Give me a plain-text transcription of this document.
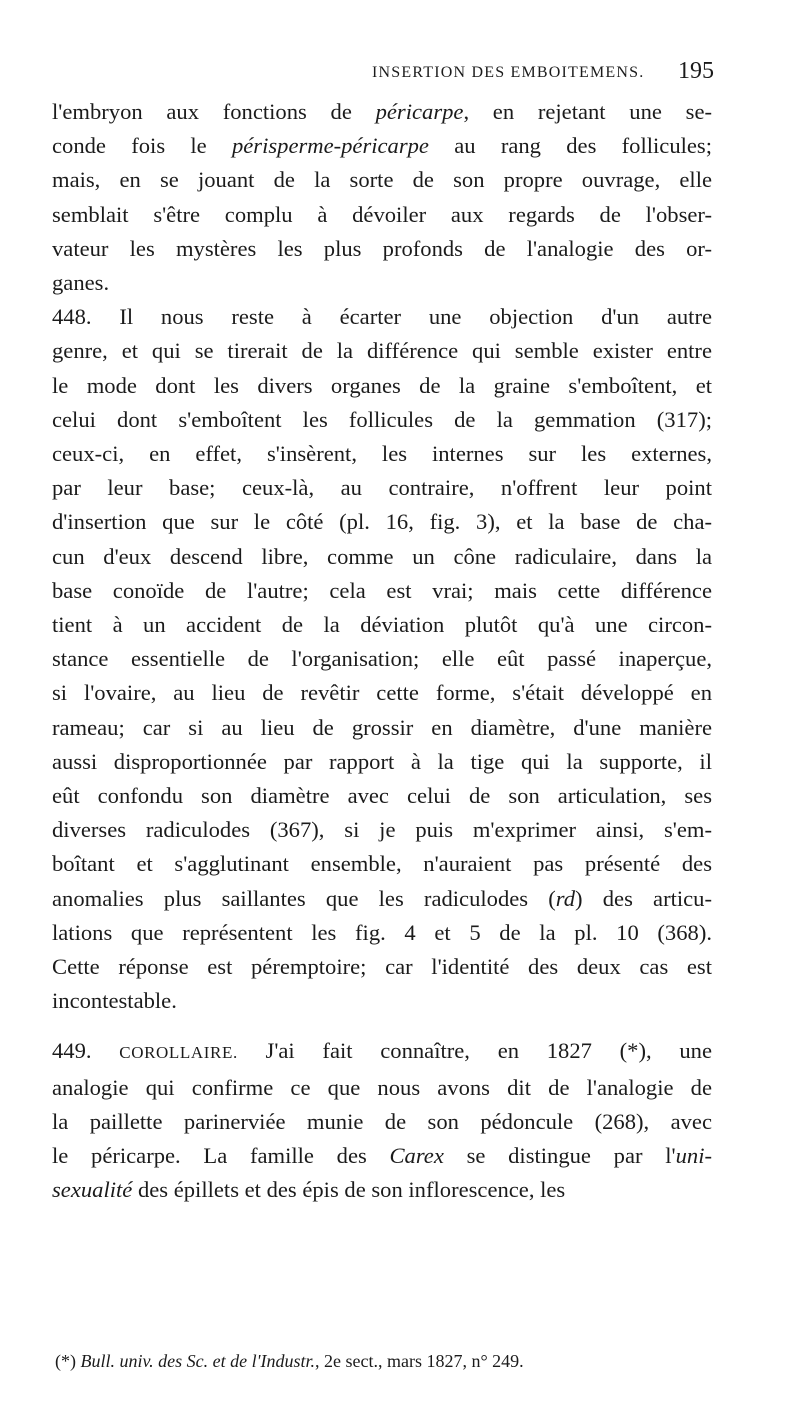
INSERTION DES EMBOITEMENS. 195
l'embryon aux fonctions de péricarpe, en rejetant une se-
conde fois le périsperme-péricarpe au rang des follicules;
mais, en se jouant de la sorte de son propre ouvrage, elle
semblait s'être complu à dévoiler aux regards de l'obser-
vateur les mystères les plus profonds de l'analogie des or-
ganes.
448. Il nous reste à écarter une objection d'un autre
genre, et qui se tirerait de la différence qui semble exister entre
le mode dont les divers organes de la graine s'emboîtent, et
celui dont s'emboîtent les follicules de la gemmation (317);
ceux-ci, en effet, s'insèrent, les internes sur les externes,
par leur base; ceux-là, au contraire, n'offrent leur point
d'insertion que sur le côté (pl. 16, fig. 3), et la base de cha-
cun d'eux descend libre, comme un cône radiculaire, dans la
base conoïde de l'autre; cela est vrai; mais cette différence
tient à un accident de la déviation plutôt qu'à une circon-
stance essentielle de l'organisation; elle eût passé inaperçue,
si l'ovaire, au lieu de revêtir cette forme, s'était développé en
rameau; car si au lieu de grossir en diamètre, d'une manière
aussi disproportionnée par rapport à la tige qui la supporte, il
eût confondu son diamètre avec celui de son articulation, ses
diverses radiculodes (367), si je puis m'exprimer ainsi, s'em-
boîtant et s'agglutinant ensemble, n'auraient pas présenté des
anomalies plus saillantes que les radiculodes (rd) des articu-
lations que représentent les fig. 4 et 5 de la pl. 10 (368).
Cette réponse est péremptoire; car l'identité des deux cas est
incontestable.
449. COROLLAIRE. J'ai fait connaître, en 1827 (*), une
analogie qui confirme ce que nous avons dit de l'analogie de
la paillette parinerviée munie de son pédoncule (268), avec
le péricarpe. La famille des Carex se distingue par l'uni-
sexualité des épillets et des épis de son inflorescence, les
(*) Bull. univ. des Sc. et de l'Industr., 2e sect., mars 1827, n° 249.
